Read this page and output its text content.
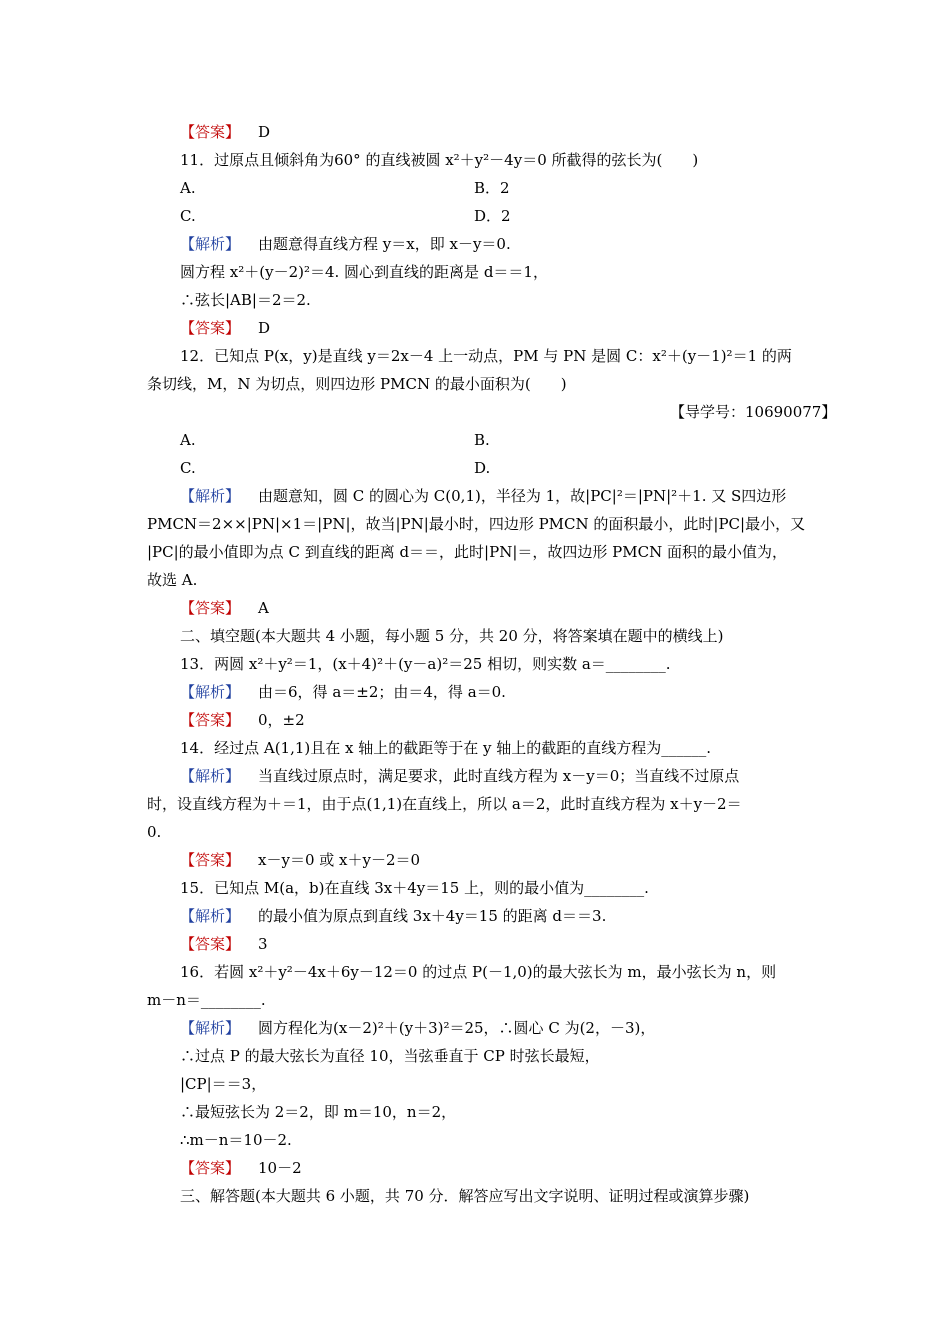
【答案】 D
11．过原点且倾斜角为60° 的直线被圆 x²＋y²－4y＝0 所截得的弦长为(　　)
A.	B．2
C.	D．2
【解析】 由题意得直线方程 y＝x，即 x－y＝0.
圆方程 x²＋(y－2)²＝4. 圆心到直线的距离是 d＝＝1，
∴弦长|AB|＝2＝2.
【答案】 D
12．已知点 P(x，y)是直线 y＝2x－4 上一动点，PM 与 PN 是圆 C：x²＋(y－1)²＝1 的两
条切线，M，N 为切点，则四边形 PMCN 的最小面积为(　　)
【导学号：10690077】
A.	B.
C.	D.
【解析】 由题意知，圆 C 的圆心为 C(0,1)，半径为 1，故|PC|²＝|PN|²＋1. 又 S四边形
PMCN＝2××|PN|×1＝|PN|，故当|PN|最小时，四边形 PMCN 的面积最小，此时|PC|最小，又
|PC|的最小值即为点 C 到直线的距离 d＝＝，此时|PN|＝，故四边形 PMCN 面积的最小值为，
故选 A.
【答案】 A
二、填空题(本大题共 4 小题，每小题 5 分，共 20 分，将答案填在题中的横线上)
13．两圆 x²＋y²＝1，(x＋4)²＋(y－a)²＝25 相切，则实数 a＝________.
【解析】 由＝6，得 a＝±2；由＝4，得 a＝0.
【答案】 0，±2
14．经过点 A(1,1)且在 x 轴上的截距等于在 y 轴上的截距的直线方程为______.
【解析】 当直线过原点时，满足要求，此时直线方程为 x－y＝0；当直线不过原点
时，设直线方程为＋＝1，由于点(1,1)在直线上，所以 a＝2，此时直线方程为 x＋y－2＝
0.
【答案】 x－y＝0 或 x＋y－2＝0
15．已知点 M(a，b)在直线 3x＋4y＝15 上，则的最小值为________.
【解析】 的最小值为原点到直线 3x＋4y＝15 的距离 d＝＝3.
【答案】 3
16．若圆 x²＋y²－4x＋6y－12＝0 的过点 P(－1,0)的最大弦长为 m，最小弦长为 n，则
m－n＝________.
【解析】 圆方程化为(x－2)²＋(y＋3)²＝25，∴圆心 C 为(2，－3)，
∴过点 P 的最大弦长为直径 10，当弦垂直于 CP 时弦长最短，
|CP|＝＝3，
∴最短弦长为 2＝2，即 m＝10，n＝2，
∴m－n＝10－2.
【答案】 10－2
三、解答题(本大题共 6 小题，共 70 分．解答应写出文字说明、证明过程或演算步骤)
